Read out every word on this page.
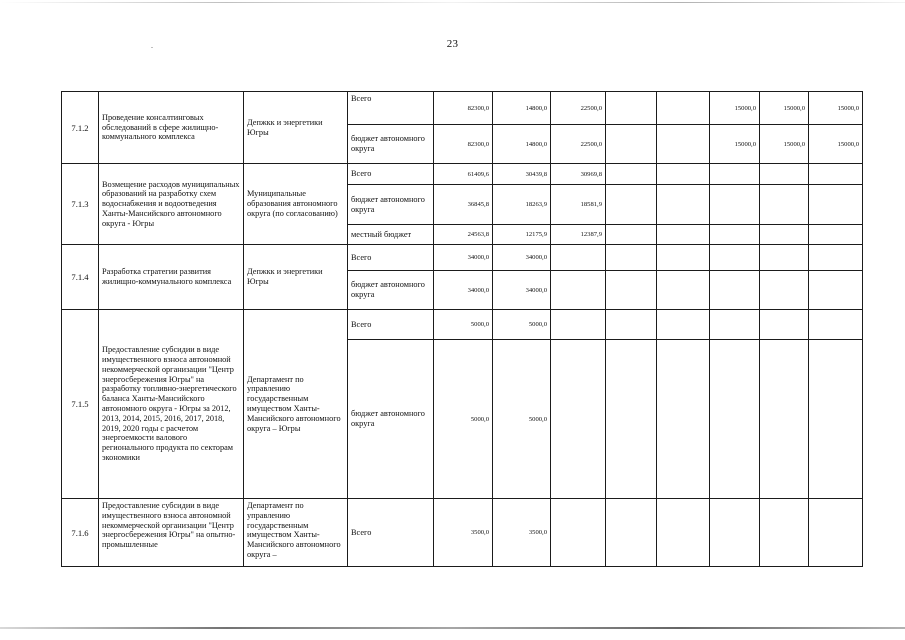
23
7.1.2	Проведение консалтинговых обследований в сфере жилищно-коммунального комплекса	Депжкк и энергетики Югры	Всего	82300,0	14800,0	22500,0			15000,0	15000,0	15000,0
			бюджет автономного округа	82300,0	14800,0	22500,0			15000,0	15000,0	15000,0
7.1.3	Возмещение расходов муниципальных образований на разработку схем водоснабжения и водоотведения Ханты-Мансийского автономного округа - Югры	Муниципальные образования автономного округа (по согласованию)	Всего	61409,6	30439,8	30969,8					
			бюджет автономного округа	36845,8	18263,9	18581,9					
			местный бюджет	24563,8	12175,9	12387,9					
7.1.4	Разработка стратегии развития жилищно-коммунального комплекса	Депжкк и энергетики Югры	Всего	34000,0	34000,0						
			бюджет автономного округа	34000,0	34000,0						
7.1.5	Предоставление субсидии в виде имущественного взноса автономной некоммерческой организации "Центр энергосбережения Югры" на разработку топливно-энергетического баланса Ханты-Мансийского автономного округа - Югры за 2012, 2013, 2014, 2015, 2016, 2017, 2018, 2019, 2020 годы с расчетом энергоемкости валового регионального продукта по секторам экономики	Департамент по управлению государственным имуществом Ханты-Мансийского автономного округа – Югры	Всего	5000,0	5000,0						
			бюджет автономного округа	5000,0	5000,0						
7.1.6	Предоставление субсидии в виде имущественного взноса автономной некоммерческой организации "Центр энергосбережения Югры" на опытно-промышленные	Департамент по управлению государственным имуществом Ханты-Мансийского автономного округа –	Всего	3500,0	3500,0						
